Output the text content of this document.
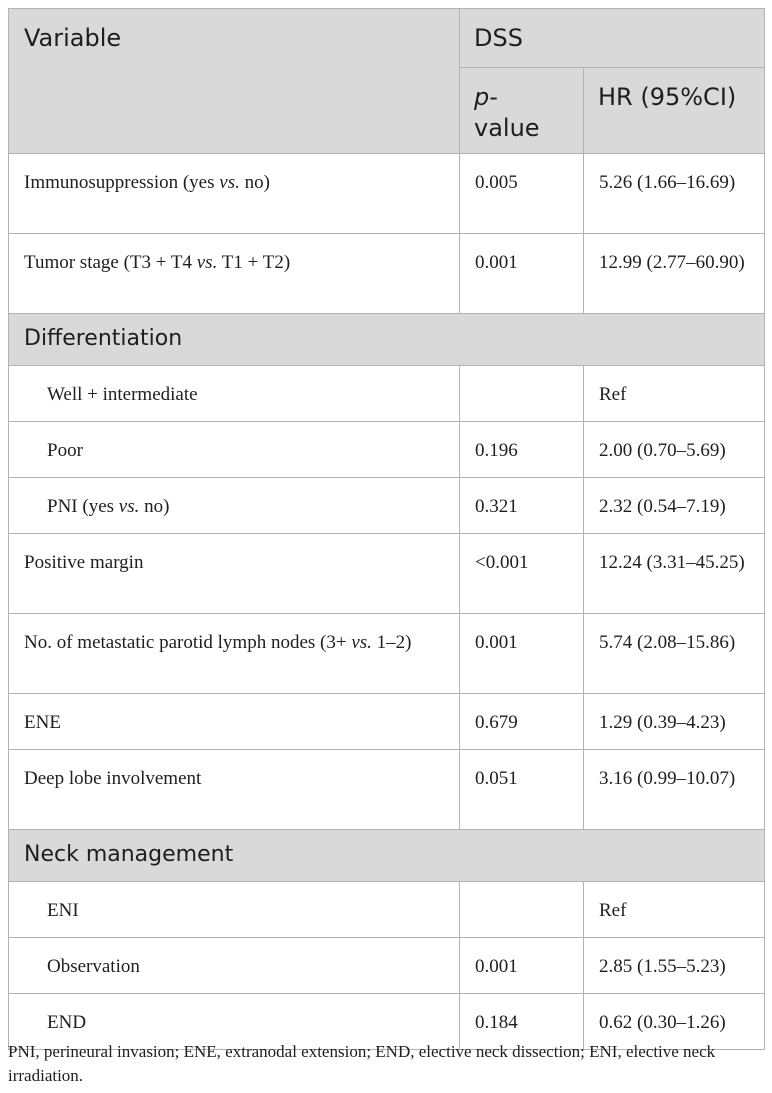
Variable	DSS	
	p-
value	HR (95%CI)
Immunosuppression (yes vs. no)	0.005	5.26 (1.66–16.69)
Tumor stage (T3 + T4 vs. T1 + T2)	0.001	12.99 (2.77–60.90)
Differentiation		
Well + intermediate		Ref
Poor	0.196	2.00 (0.70–5.69)
PNI (yes vs. no)	0.321	2.32 (0.54–7.19)
Positive margin	<0.001	12.24 (3.31–45.25)
No. of metastatic parotid lymph nodes (3+ vs. 1–2)	0.001	5.74 (2.08–15.86)
ENE	0.679	1.29 (0.39–4.23)
Deep lobe involvement	0.051	3.16 (0.99–10.07)
Neck management		
ENI		Ref
Observation	0.001	2.85 (1.55–5.23)
END	0.184	0.62 (0.30–1.26)
PNI, perineural invasion; ENE, extranodal extension; END, elective neck dissection; ENI, elective neck irradiation.
